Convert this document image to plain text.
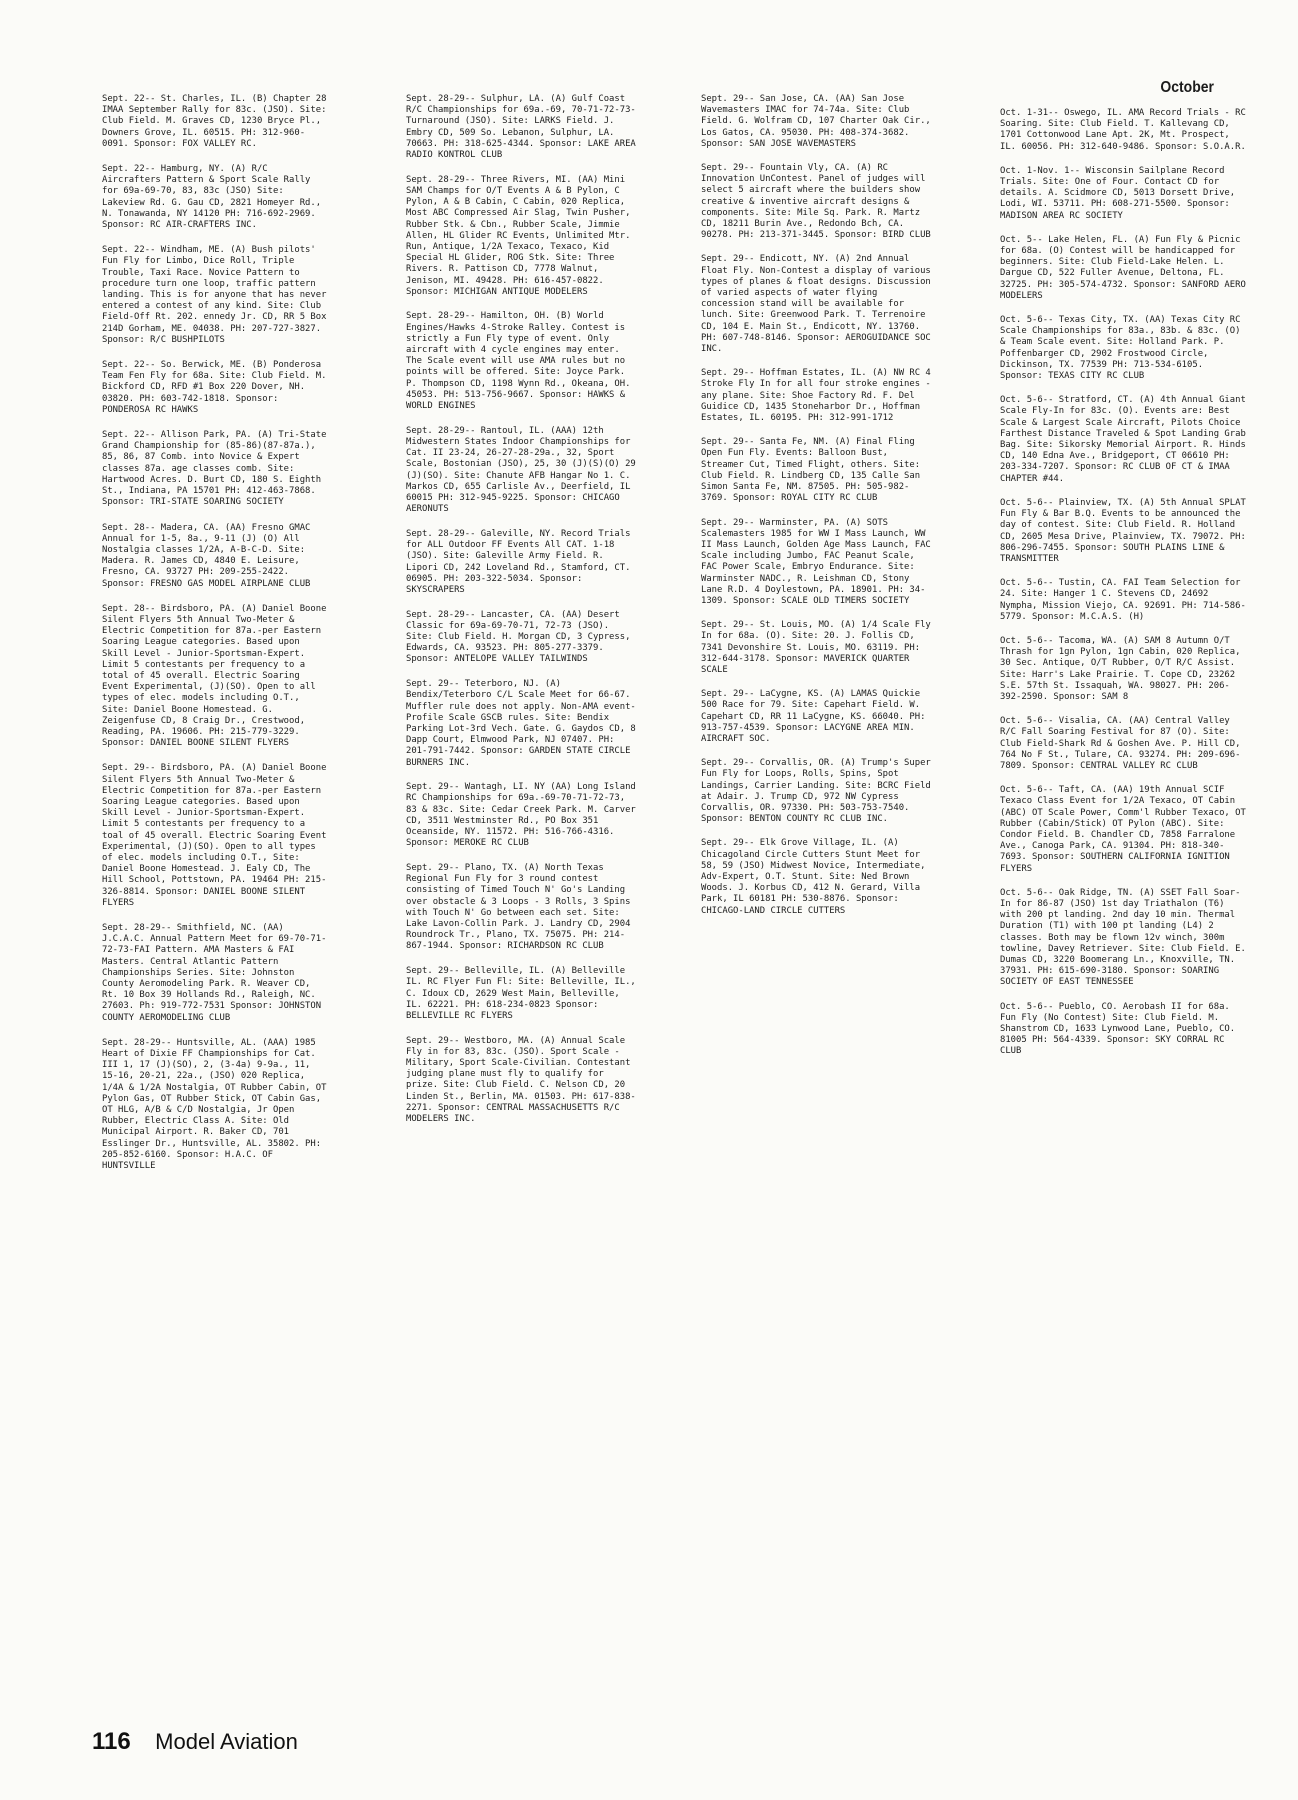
Sept. 22-- St. Charles, IL. (B) Chapter 28 IMAA September Rally for 83c. (JSO). Site: Club Field. M. Graves CD, 1230 Bryce Pl., Downers Grove, IL. 60515. PH: 312-960-0091. Sponsor: FOX VALLEY RC.

Sept. 22-- Hamburg, NY. (A) R/C Aircrafters Pattern & Sport Scale Rally for 69a-69-70, 83, 83c (JSO) Site: Lakeview Rd. G. Gau CD, 2821 Homeyer Rd., N. Tonawanda, NY 14120 PH: 716-692-2969. Sponsor: RC AIR-CRAFTERS INC.

Sept. 22-- Windham, ME. (A) Bush pilots' Fun Fly for Limbo, Dice Roll, Triple Trouble, Taxi Race. Novice Pattern to procedure turn one loop, traffic pattern landing. This is for anyone that has never entered a contest of any kind. Site: Club Field-Off Rt. 202. ennedy Jr. CD, RR 5 Box 214D Gorham, ME. 04038. PH: 207-727-3827. Sponsor: R/C BUSHPILOTS

Sept. 22-- So. Berwick, ME. (B) Ponderosa Team Fen Fly for 68a. Site: Club Field. M. Bickford CD, RFD #1 Box 220 Dover, NH. 03820. PH: 603-742-1818. Sponsor: PONDEROSA RC HAWKS

Sept. 22-- Allison Park, PA. (A) Tri-State Grand Championship for (85-86)(87-87a.), 85, 86, 87 Comb. into Novice & Expert classes 87a. age classes comb. Site: Hartwood Acres. D. Burt CD, 180 S. Eighth St., Indiana, PA 15701 PH: 412-463-7868. Sponsor: TRI-STATE SOARING SOCIETY

Sept. 28-- Madera, CA. (AA) Fresno GMAC Annual for 1-5, 8a., 9-11 (J) (O) All Nostalgia classes 1/2A, A-B-C-D. Site: Madera. R. James CD, 4840 E. Leisure, Fresno, CA. 93727 PH: 209-255-2422. Sponsor: FRESNO GAS MODEL AIRPLANE CLUB

Sept. 28-- Birdsboro, PA. (A) Daniel Boone Silent Flyers 5th Annual Two-Meter & Electric Competition for 87a.-per Eastern Soaring League categories. Based upon Skill Level - Junior-Sportsman-Expert. Limit 5 contestants per frequency to a total of 45 overall. Electric Soaring Event Experimental, (J)(SO). Open to all types of elec. models including O.T., Site: Daniel Boone Homestead. G. Zeigenfuse CD, 8 Craig Dr., Crestwood, Reading, PA. 19606. PH: 215-779-3229. Sponsor: DANIEL BOONE SILENT FLYERS

Sept. 29-- Birdsboro, PA. (A) Daniel Boone Silent Flyers 5th Annual Two-Meter & Electric Competition for 87a.-per Eastern Soaring League categories. Based upon Skill Level - Junior-Sportsman-Expert. Limit 5 contestants per frequency to a toal of 45 overall. Electric Soaring Event Experimental, (J)(SO). Open to all types of elec. models including O.T., Site: Daniel Boone Homestead. J. Ealy CD, The Hill School, Pottstown, PA. 19464 PH: 215-326-8814. Sponsor: DANIEL BOONE SILENT FLYERS

Sept. 28-29-- Smithfield, NC. (AA) J.C.A.C. Annual Pattern Meet for 69-70-71-72-73-FAI Pattern. AMA Masters & FAI Masters. Central Atlantic Pattern Championships Series. Site: Johnston County Aeromodeling Park. R. Weaver CD, Rt. 10 Box 39 Hollands Rd., Raleigh, NC. 27603. Ph: 919-772-7531 Sponsor: JOHNSTON COUNTY AEROMODELING CLUB

Sept. 28-29-- Huntsville, AL. (AAA) 1985 Heart of Dixie FF Championships for Cat. III 1, 17 (J)(SO), 2, (3-4a) 9-9a., 11, 15-16, 20-21, 22a., (JSO) 020 Replica, 1/4A & 1/2A Nostalgia, OT Rubber Cabin, OT Pylon Gas, OT Rubber Stick, OT Cabin Gas, OT HLG, A/B & C/D Nostalgia, Jr Open Rubber, Electric Class A. Site: Old Municipal Airport. R. Baker CD, 701 Esslinger Dr., Huntsville, AL. 35802. PH: 205-852-6160. Sponsor: H.A.C. OF HUNTSVILLE

Sept. 28-29-- Sulphur, LA. (A) Gulf Coast R/C Championships for 69a.-69, 70-71-72-73-Turnaround (JSO). Site: LARKS Field. J. Embry CD, 509 So. Lebanon, Sulphur, LA. 70663. PH: 318-625-4344. Sponsor: LAKE AREA RADIO KONTROL CLUB

Sept. 28-29-- Three Rivers, MI. (AA) Mini SAM Champs for O/T Events A & B Pylon, C Pylon, A & B Cabin, C Cabin, 020 Replica, Most ABC Compressed Air Slag, Twin Pusher, Rubber Stk. & Cbn., Rubber Scale, Jimmie Allen, HL Glider RC Events, Unlimited Mtr. Run, Antique, 1/2A Texaco, Texaco, Kid Special HL Glider, ROG Stk. Site: Three Rivers. R. Pattison CD, 7778 Walnut, Jenison, MI. 49428. PH: 616-457-0822. Sponsor: MICHIGAN ANTIQUE MODELERS

Sept. 28-29-- Hamilton, OH. (B) World Engines/Hawks 4-Stroke Ralley. Contest is strictly a Fun Fly type of event. Only aircraft with 4 cycle engines may enter. The Scale event will use AMA rules but no points will be offered. Site: Joyce Park. P. Thompson CD, 1198 Wynn Rd., Okeana, OH. 45053. PH: 513-756-9667. Sponsor: HAWKS & WORLD ENGINES

Sept. 28-29-- Rantoul, IL. (AAA) 12th Midwestern States Indoor Championships for Cat. II 23-24, 26-27-28-29a., 32, Sport Scale, Bostonian (JSO), 25, 30 (J)(S)(O) 29 (J)(SO). Site: Chanute AFB Hangar No 1. C. Markos CD, 655 Carlisle Av., Deerfield, IL 60015 PH: 312-945-9225. Sponsor: CHICAGO AERONUTS

Sept. 28-29-- Galeville, NY. Record Trials for ALL Outdoor FF Events All CAT. 1-18 (JSO). Site: Galeville Army Field. R. Lipori CD, 242 Loveland Rd., Stamford, CT. 06905. PH: 203-322-5034. Sponsor: SKYSCRAPERS

Sept. 28-29-- Lancaster, CA. (AA) Desert Classic for 69a-69-70-71, 72-73 (JSO). Site: Club Field. H. Morgan CD, 3 Cypress, Edwards, CA. 93523. PH: 805-277-3379. Sponsor: ANTELOPE VALLEY TAILWINDS

Sept. 29-- Teterboro, NJ. (A) Bendix/Teterboro C/L Scale Meet for 66-67. Muffler rule does not apply. Non-AMA event-Profile Scale GSCB rules. Site: Bendix Parking Lot-3rd Vech. Gate. G. Gaydos CD, 8 Dapp Court, Elmwood Park, NJ 07407. PH: 201-791-7442. Sponsor: GARDEN STATE CIRCLE BURNERS INC.

Sept. 29-- Wantagh, LI. NY (AA) Long Island RC Championships for 69a.-69-70-71-72-73, 83 & 83c. Site: Cedar Creek Park. M. Carver CD, 3511 Westminster Rd., PO Box 351 Oceanside, NY. 11572. PH: 516-766-4316. Sponsor: MEROKE RC CLUB

Sept. 29-- Plano, TX. (A) North Texas Regional Fun Fly for 3 round contest consisting of Timed Touch N' Go's Landing over obstacle & 3 Loops - 3 Rolls, 3 Spins with Touch N' Go between each set. Site: Lake Lavon-Collin Park. J. Landry CD, 2904 Roundrock Tr., Plano, TX. 75075. PH: 214-867-1944. Sponsor: RICHARDSON RC CLUB

Sept. 29-- Belleville, IL. (A) Belleville IL. RC Flyer Fun Fl: Site: Belleville, IL., C. Idoux CD, 2629 West Main, Belleville, IL. 62221. PH: 618-234-0823 Sponsor: BELLEVILLE RC FLYERS

Sept. 29-- Westboro, MA. (A) Annual Scale Fly in for 83, 83c. (JSO). Sport Scale - Military, Sport Scale-Civilian. Contestant judging plane must fly to qualify for prize. Site: Club Field. C. Nelson CD, 20 Linden St., Berlin, MA. 01503. PH: 617-838-2271. Sponsor: CENTRAL MASSACHUSETTS R/C MODELERS INC.

Sept. 29-- San Jose, CA. (AA) San Jose Wavemasters IMAC for 74-74a. Site: Club Field. G. Wolfram CD, 107 Charter Oak Cir., Los Gatos, CA. 95030. PH: 408-374-3682. Sponsor: SAN JOSE WAVEMASTERS

Sept. 29-- Fountain Vly, CA. (A) RC Innovation UnContest. Panel of judges will select 5 aircraft where the builders show creative & inventive aircraft designs & components. Site: Mile Sq. Park. R. Martz CD, 18211 Burin Ave., Redondo Bch, CA. 90278. PH: 213-371-3445. Sponsor: BIRD CLUB

Sept. 29-- Endicott, NY. (A) 2nd Annual Float Fly. Non-Contest a display of various types of planes & float designs. Discussion of varied aspects of water flying concession stand will be available for lunch. Site: Greenwood Park. T. Terrenoire CD, 104 E. Main St., Endicott, NY. 13760. PH: 607-748-8146. Sponsor: AEROGUIDANCE SOC INC.

Sept. 29-- Hoffman Estates, IL. (A) NW RC 4 Stroke Fly In for all four stroke engines - any plane. Site: Shoe Factory Rd. F. Del Guidice CD, 1435 Stoneharbor Dr., Hoffman Estates, IL. 60195. PH: 312-991-1712

Sept. 29-- Santa Fe, NM. (A) Final Fling Open Fun Fly. Events: Balloon Bust, Streamer Cut, Timed Flight, others. Site: Club Field. R. Lindberg CD, 135 Calle San Simon Santa Fe, NM. 87505. PH: 505-982-3769. Sponsor: ROYAL CITY RC CLUB

Sept. 29-- Warminster, PA. (A) SOTS Scalemasters 1985 for WW I Mass Launch, WW II Mass Launch, Golden Age Mass Launch, FAC Scale including Jumbo, FAC Peanut Scale, FAC Power Scale, Embryo Endurance. Site: Warminster NADC., R. Leishman CD, Stony Lane R.D. 4 Doylestown, PA. 18901. PH: 34-1309. Sponsor: SCALE OLD TIMERS SOCIETY

Sept. 29-- St. Louis, MO. (A) 1/4 Scale Fly In for 68a. (O). Site: 20. J. Follis CD, 7341 Devonshire St. Louis, MO. 63119. PH: 312-644-3178. Sponsor: MAVERICK QUARTER SCALE

Sept. 29-- LaCygne, KS. (A) LAMAS Quickie 500 Race for 79. Site: Capehart Field. W. Capehart CD, RR 11 LaCygne, KS. 66040. PH: 913-757-4539. Sponsor: LACYGNE AREA MIN. AIRCRAFT SOC.

Sept. 29-- Corvallis, OR. (A) Trump's Super Fun Fly for Loops, Rolls, Spins, Spot Landings, Carrier Landing. Site: BCRC Field at Adair. J. Trump CD, 972 NW Cypress Corvallis, OR. 97330. PH: 503-753-7540. Sponsor: BENTON COUNTY RC CLUB INC.

Sept. 29-- Elk Grove Village, IL. (A) Chicagoland Circle Cutters Stunt Meet for 58, 59 (JSO) Midwest Novice, Intermediate, Adv-Expert, O.T. Stunt. Site: Ned Brown Woods. J. Korbus CD, 412 N. Gerard, Villa Park, IL 60181 PH: 530-8876. Sponsor: CHICAGO-LAND CIRCLE CUTTERS

October

Oct. 1-31-- Oswego, IL. AMA Record Trials - RC Soaring. Site: Club Field. T. Kallevang CD, 1701 Cottonwood Lane Apt. 2K, Mt. Prospect, IL. 60056. PH: 312-640-9486. Sponsor: S.O.A.R.

Oct. 1-Nov. 1-- Wisconsin Sailplane Record Trials. Site: One of Four. Contact CD for details. A. Scidmore CD, 5013 Dorsett Drive, Lodi, WI. 53711. PH: 608-271-5500. Sponsor: MADISON AREA RC SOCIETY

Oct. 5-- Lake Helen, FL. (A) Fun Fly & Picnic for 68a. (O) Contest will be handicapped for beginners. Site: Club Field-Lake Helen. L. Dargue CD, 522 Fuller Avenue, Deltona, FL. 32725. PH: 305-574-4732. Sponsor: SANFORD AERO MODELERS

Oct. 5-6-- Texas City, TX. (AA) Texas City RC Scale Championships for 83a., 83b. & 83c. (O) & Team Scale event. Site: Holland Park. P. Poffenbarger CD, 2902 Frostwood Circle, Dickinson, TX. 77539 PH: 713-534-6105. Sponsor: TEXAS CITY RC CLUB

Oct. 5-6-- Stratford, CT. (A) 4th Annual Giant Scale Fly-In for 83c. (O). Events are: Best Scale & Largest Scale Aircraft, Pilots Choice Farthest Distance Traveled & Spot Landing Grab Bag. Site: Sikorsky Memorial Airport. R. Hinds CD, 140 Edna Ave., Bridgeport, CT 06610 PH: 203-334-7207. Sponsor: RC CLUB OF CT & IMAA CHAPTER #44.

Oct. 5-6-- Plainview, TX. (A) 5th Annual SPLAT Fun Fly & Bar B.Q. Events to be announced the day of contest. Site: Club Field. R. Holland CD, 2605 Mesa Drive, Plainview, TX. 79072. PH: 806-296-7455. Sponsor: SOUTH PLAINS LINE & TRANSMITTER

Oct. 5-6-- Tustin, CA. FAI Team Selection for 24. Site: Hanger 1 C. Stevens CD, 24692 Nympha, Mission Viejo, CA. 92691. PH: 714-586-5779. Sponsor: M.C.A.S. (H)

Oct. 5-6-- Tacoma, WA. (A) SAM 8 Autumn O/T Thrash for 1gn Pylon, 1gn Cabin, 020 Replica, 30 Sec. Antique, O/T Rubber, O/T R/C Assist. Site: Harr's Lake Prairie. T. Cope CD, 23262 S.E. 57th St. Issaquah, WA. 98027. PH: 206-392-2590. Sponsor: SAM 8

Oct. 5-6-- Visalia, CA. (AA) Central Valley R/C Fall Soaring Festival for 87 (O). Site: Club Field-Shark Rd & Goshen Ave. P. Hill CD, 764 No F St., Tulare, CA. 93274. PH: 209-696-7809. Sponsor: CENTRAL VALLEY RC CLUB

Oct. 5-6-- Taft, CA. (AA) 19th Annual SCIF Texaco Class Event for 1/2A Texaco, OT Cabin (ABC) OT Scale Power, Comm'l Rubber Texaco, OT Rubber (Cabin/Stick) OT Pylon (ABC). Site: Condor Field. B. Chandler CD, 7858 Farralone Ave., Canoga Park, CA. 91304. PH: 818-340-7693. Sponsor: SOUTHERN CALIFORNIA IGNITION FLYERS

Oct. 5-6-- Oak Ridge, TN. (A) SSET Fall Soar-In for 86-87 (JSO) 1st day Triathalon (T6) with 200 pt landing. 2nd day 10 min. Thermal Duration (T1) with 100 pt landing (L4) 2 classes. Both may be flown 12v winch, 300m towline, Davey Retriever. Site: Club Field. E. Dumas CD, 3220 Boomerang Ln., Knoxville, TN. 37931. PH: 615-690-3180. Sponsor: SOARING SOCIETY OF EAST TENNESSEE

Oct. 5-6-- Pueblo, CO. Aerobash II for 68a. Fun Fly (No Contest) Site: Club Field. M. Shanstrom CD, 1633 Lynwood Lane, Pueblo, CO. 81005 PH: 564-4339. Sponsor: SKY CORRAL RC CLUB

116 Model Aviation
